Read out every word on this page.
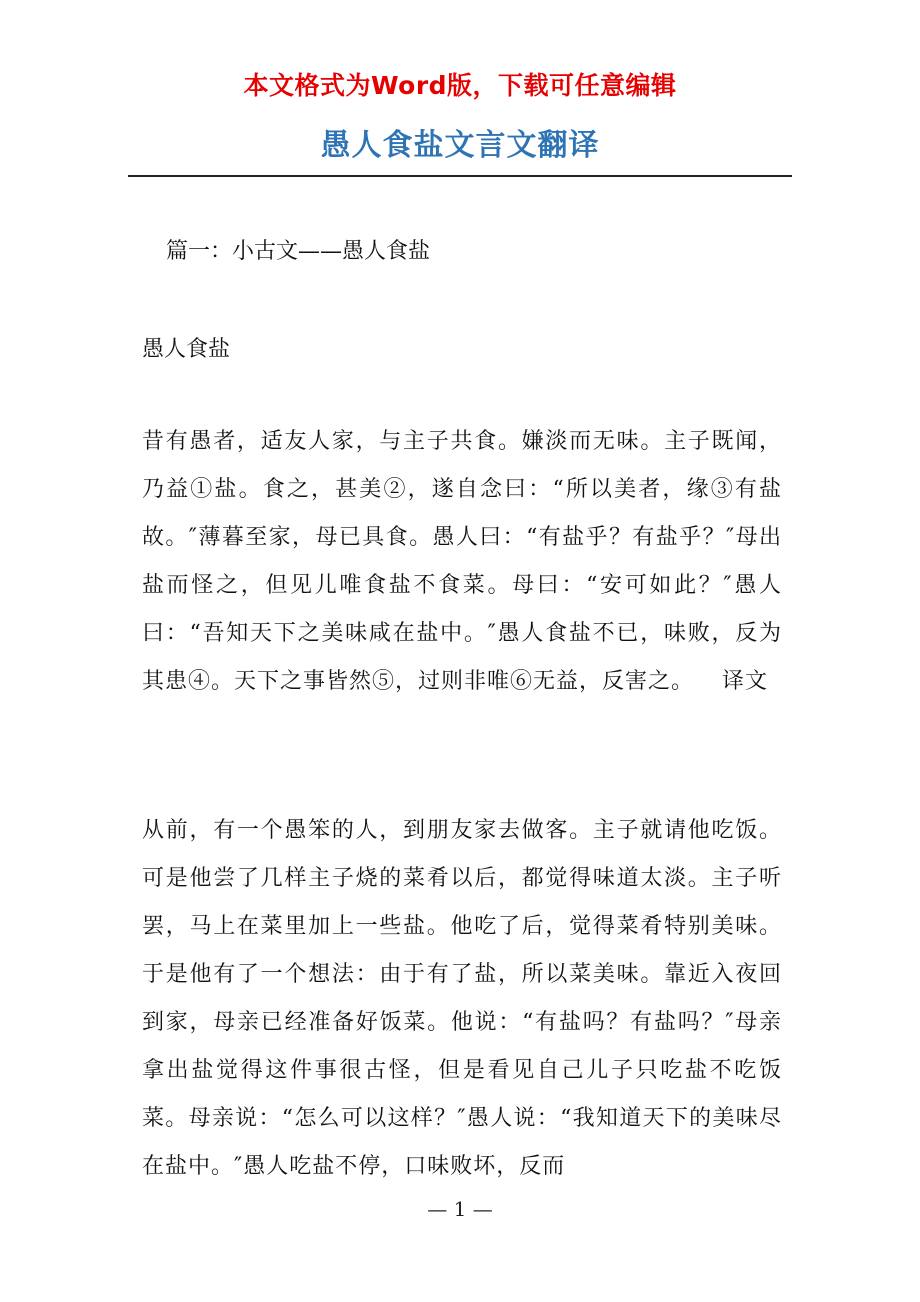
本文格式为Word版，下载可任意编辑
愚人食盐文言文翻译
篇一：小古文——愚人食盐
愚人食盐

昔有愚者，适友人家，与主子共食。嫌淡而无味。主子既闻，乃益①盐。食之，甚美②，遂自念曰：“所以美者，缘③有盐故。″薄暮至家，母已具食。愚人曰：“有盐乎？有盐乎？″母出盐而怪之，但见儿唯食盐不食菜。母曰：“安可如此？″愚人曰：“吾知天下之美味咸在盐中。″愚人食盐不已，味败，反为其患④。天下之事皆然⑤，过则非唯⑥无益，反害之。 译文

从前，有一个愚笨的人，到朋友家去做客。主子就请他吃饭。可是他尝了几样主子烧的菜肴以后，都觉得味道太淡。主子听罢，马上在菜里加上一些盐。他吃了后，觉得菜肴特别美味。于是他有了一个想法：由于有了盐，所以菜美味。靠近入夜回到家，母亲已经准备好饭菜。他说：“有盐吗？有盐吗？″母亲拿出盐觉得这件事很古怪，但是看见自己儿子只吃盐不吃饭菜。母亲说：“怎么可以这样？″愚人说：“我知道天下的美味尽在盐中。″愚人吃盐不停，口味败坏，反而

— 1 —
